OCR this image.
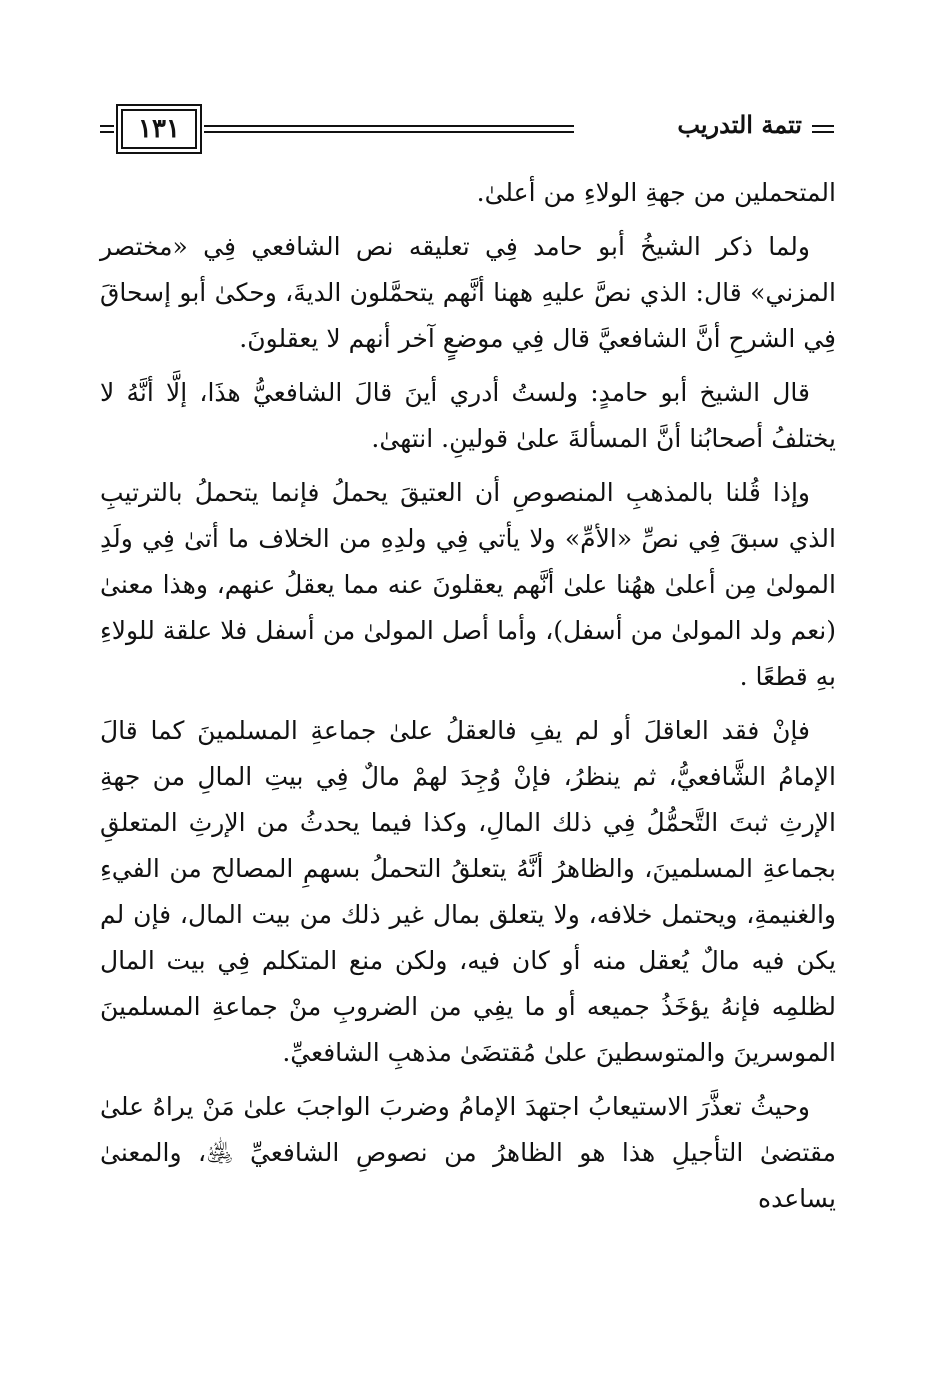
١٣١	تتمة التدريب

المتحملين من جهةِ الولاءِ من أعلىٰ.

ولما ذكر الشيخُ أبو حامد فِي تعليقه نص الشافعي فِي «مختصر المزني» قال: الذي نصَّ عليهِ ههنا أنَّهم يتحمَّلون الديةَ، وحكىٰ أبو إسحاقَ فِي الشرحِ أنَّ الشافعيَّ قال فِي موضعٍ آخر أنهم لا يعقلونَ.

قال الشيخ أبو حامدٍ: ولستُ أدري أينَ قالَ الشافعيُّ هذَا، إلَّا أنَّهُ لا يختلفُ أصحابُنا أنَّ المسألةَ علىٰ قولينِ. انتهىٰ.

وإذا قُلنا بالمذهبِ المنصوصِ أن العتيقَ يحملُ فإنما يتحملُ بالترتيبِ الذي سبقَ فِي نصِّ «الأمِّ» ولا يأتي فِي ولدِهِ من الخلاف ما أتىٰ فِي ولَدِ المولىٰ مِن أعلىٰ ههُنا علىٰ أنَّهم يعقلونَ عنه مما يعقلُ عنهم، وهذا معنىٰ (نعم ولد المولىٰ من أسفل)، وأما أصل المولىٰ من أسفل فلا علقة للولاءِ بهِ قطعًا .

فإنْ فقد العاقلَ أو لم يفِ فالعقلُ علىٰ جماعةِ المسلمينَ كما قالَ الإمامُ الشَّافعيُّ، ثم ينظرُ، فإنْ وُجِدَ لهمْ مالٌ فِي بيتِ المالِ من جهةِ الإرثِ ثبتَ التَّحمُّلُ فِي ذلك المالِ، وكذا فيما يحدثُ من الإرثِ المتعلقِ بجماعةِ المسلمينَ، والظاهرُ أنَّهُ يتعلقُ التحملُ بسهمِ المصالح من الفيءِ والغنيمةِ، ويحتمل خلافه، ولا يتعلق بمال غير ذلك من بيت المال، فإن لم يكن فيه مالٌ يُعقل منه أو كان فيه، ولكن منع المتكلم فِي بيت المال لظلمِه فإنهُ يؤخَذُ جميعه أو ما يفِي من الضروبِ منْ جماعةِ المسلمينَ الموسرينَ والمتوسطينَ علىٰ مُقتضَىٰ مذهبِ الشافعيِّ.

وحيثُ تعذَّرَ الاستيعابُ اجتهدَ الإمامُ وضربَ الواجبَ علىٰ مَنْ يراهُ علىٰ مقتضىٰ التأجيلِ هذا هو الظاهرُ من نصوصِ الشافعيِّ ﵁، والمعنىٰ يساعده
